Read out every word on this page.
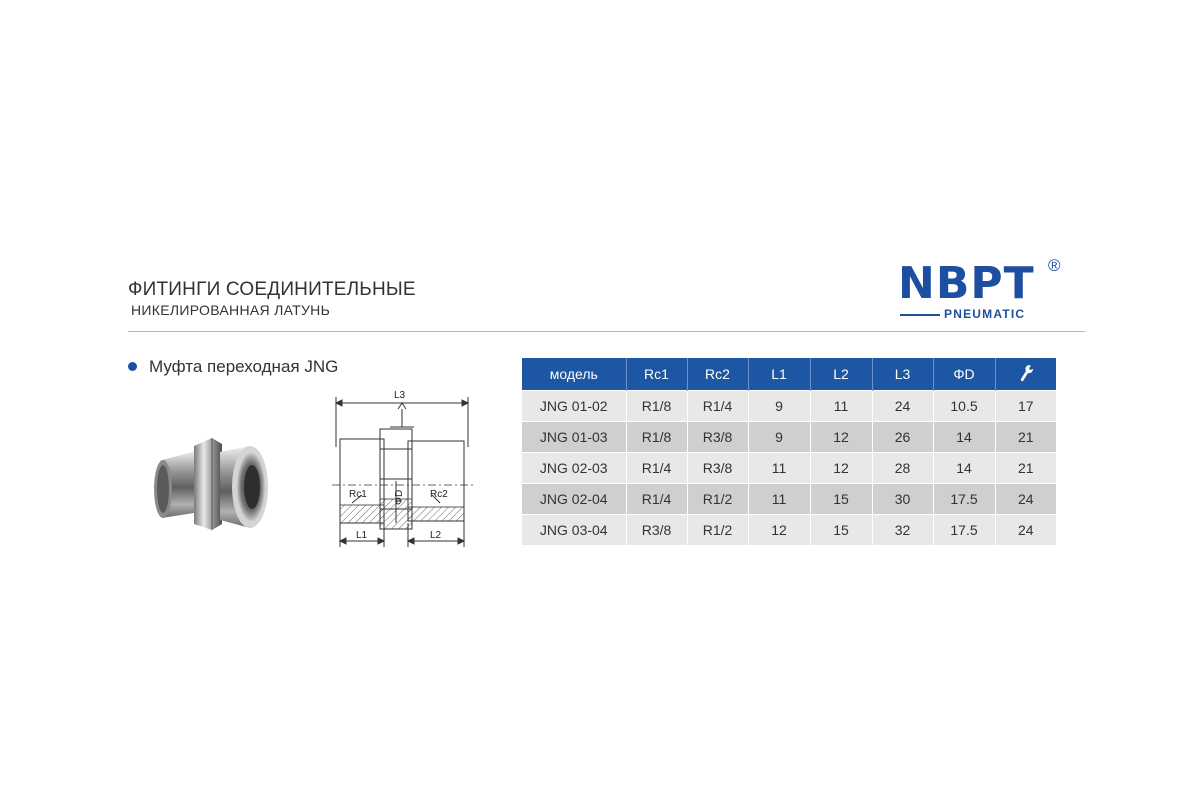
ФИТИНГИ СОЕДИНИТЕЛЬНЫЕ
НИКЕЛИРОВАННАЯ ЛАТУНЬ
NBPT ®
PNEUMATIC
Муфта переходная JNG
L3
Rc1	Rc2
ΦD
L1	L2
модель	Rc1	Rc2	L1	L2	L3	ΦD	
JNG 01-02	R1/8	R1/4	9	11	24	10.5	17
JNG 01-03	R1/8	R3/8	9	12	26	14	21
JNG 02-03	R1/4	R3/8	11	12	28	14	21
JNG 02-04	R1/4	R1/2	11	15	30	17.5	24
JNG 03-04	R3/8	R1/2	12	15	32	17.5	24
